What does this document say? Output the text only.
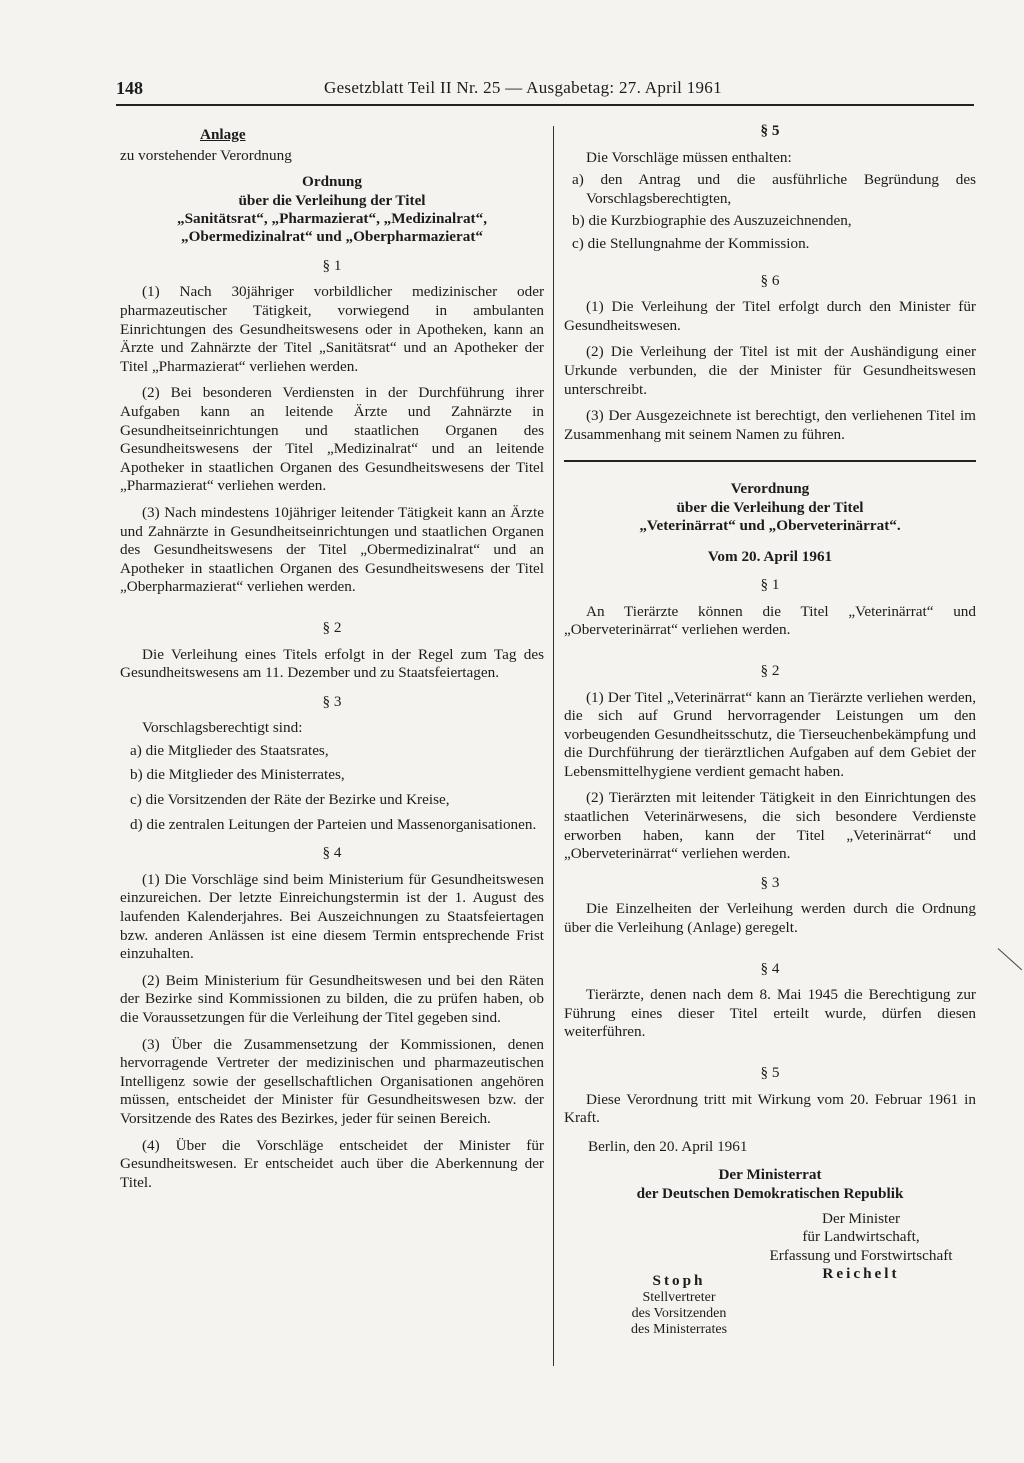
148	Gesetzblatt Teil II Nr. 25 — Ausgabetag: 27. April 1961

Anlage

zu vorstehender Verordnung

Ordnung

über die Verleihung der Titel

„Sanitätsrat“, „Pharmazierat“, „Medizinalrat“,

„Obermedizinalrat“ und „Oberpharmazierat“

§ 1

(1) Nach 30jähriger vorbildlicher medizinischer oder pharmazeutischer Tätigkeit, vorwiegend in ambulanten Einrichtungen des Gesundheitswesens oder in Apotheken, kann an Ärzte und Zahnärzte der Titel „Sanitätsrat“ und an Apotheker der Titel „Pharmazierat“ verliehen werden.

(2) Bei besonderen Verdiensten in der Durchführung ihrer Aufgaben kann an leitende Ärzte und Zahnärzte in Gesundheitseinrichtungen und staatlichen Organen des Gesundheitswesens der Titel „Medizinalrat“ und an leitende Apotheker in staatlichen Organen des Gesundheitswesens der Titel „Pharmazierat“ verliehen werden.

(3) Nach mindestens 10jähriger leitender Tätigkeit kann an Ärzte und Zahnärzte in Gesundheitseinrichtungen und staatlichen Organen des Gesundheitswesens der Titel „Obermedizinalrat“ und an Apotheker in staatlichen Organen des Gesundheitswesens der Titel „Oberpharmazierat“ verliehen werden.

§ 2

Die Verleihung eines Titels erfolgt in der Regel zum Tag des Gesundheitswesens am 11. Dezember und zu Staatsfeiertagen.

§ 3

Vorschlagsberechtigt sind:

a) die Mitglieder des Staatsrates,

b) die Mitglieder des Ministerrates,

c) die Vorsitzenden der Räte der Bezirke und Kreise,

d) die zentralen Leitungen der Parteien und Massenorganisationen.

§ 4

(1) Die Vorschläge sind beim Ministerium für Gesundheitswesen einzureichen. Der letzte Einreichungstermin ist der 1. August des laufenden Kalenderjahres. Bei Auszeichnungen zu Staatsfeiertagen bzw. anderen Anlässen ist eine diesem Termin entsprechende Frist einzuhalten.

(2) Beim Ministerium für Gesundheitswesen und bei den Räten der Bezirke sind Kommissionen zu bilden, die zu prüfen haben, ob die Voraussetzungen für die Verleihung der Titel gegeben sind.

(3) Über die Zusammensetzung der Kommissionen, denen hervorragende Vertreter der medizinischen und pharmazeutischen Intelligenz sowie der gesellschaftlichen Organisationen angehören müssen, entscheidet der Minister für Gesundheitswesen bzw. der Vorsitzende des Rates des Bezirkes, jeder für seinen Bereich.

(4) Über die Vorschläge entscheidet der Minister für Gesundheitswesen. Er entscheidet auch über die Aberkennung der Titel.

§ 5

Die Vorschläge müssen enthalten:

a) den Antrag und die ausführliche Begründung des Vorschlagsberechtigten,

b) die Kurzbiographie des Auszuzeichnenden,

c) die Stellungnahme der Kommission.

§ 6

(1) Die Verleihung der Titel erfolgt durch den Minister für Gesundheitswesen.

(2) Die Verleihung der Titel ist mit der Aushändigung einer Urkunde verbunden, die der Minister für Gesundheitswesen unterschreibt.

(3) Der Ausgezeichnete ist berechtigt, den verliehenen Titel im Zusammenhang mit seinem Namen zu führen.

Verordnung

über die Verleihung der Titel

„Veterinärrat“ und „Oberveterinärrat“.

Vom 20. April 1961

§ 1

An Tierärzte können die Titel „Veterinärrat“ und „Oberveterinärrat“ verliehen werden.

§ 2

(1) Der Titel „Veterinärrat“ kann an Tierärzte verliehen werden, die sich auf Grund hervorragender Leistungen um den vorbeugenden Gesundheitsschutz, die Tierseuchenbekämpfung und die Durchführung der tierärztlichen Aufgaben auf dem Gebiet der Lebensmittelhygiene verdient gemacht haben.

(2) Tierärzten mit leitender Tätigkeit in den Einrichtungen des staatlichen Veterinärwesens, die sich besondere Verdienste erworben haben, kann der Titel „Veterinärrat“ und „Oberveterinärrat“ verliehen werden.

§ 3

Die Einzelheiten der Verleihung werden durch die Ordnung über die Verleihung (Anlage) geregelt.

§ 4

Tierärzte, denen nach dem 8. Mai 1945 die Berechtigung zur Führung eines dieser Titel erteilt wurde, dürfen diesen weiterführen.

§ 5

Diese Verordnung tritt mit Wirkung vom 20. Februar 1961 in Kraft.

Berlin, den 20. April 1961

Der Ministerrat

der Deutschen Demokratischen Republik

Der Minister
für Landwirtschaft,
Erfassung und Forstwirtschaft
Reichelt
Stoph
Stellvertreter
des Vorsitzenden
des Ministerrates
